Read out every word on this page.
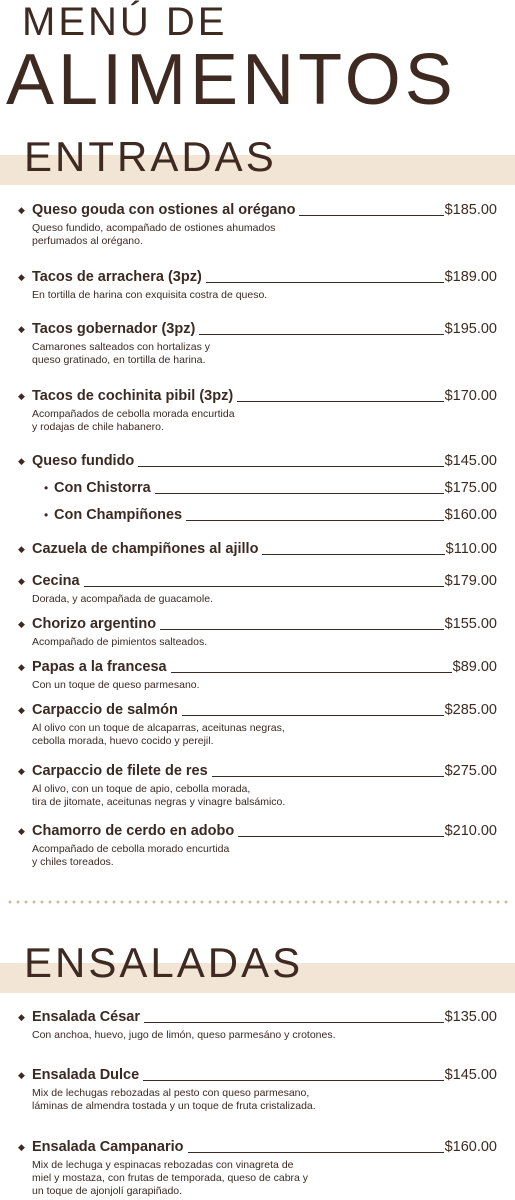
MENÚ DE
ALIMENTOS
ENTRADAS
◆ Queso gouda con ostiones al orégano	$185.00
Queso fundido, acompañado de ostiones ahumados
perfumados al orégano.
◆ Tacos de arrachera (3pz)	$189.00
En tortilla de harina con exquisita costra de queso.
◆ Tacos gobernador (3pz)	$195.00
Camarones salteados con hortalizas y
queso gratinado, en tortilla de harina.
◆ Tacos de cochinita pibil (3pz)	$170.00
Acompañados de cebolla morada encurtida
y rodajas de chile habanero.
◆ Queso fundido	$145.00
• Con Chistorra	$175.00
• Con Champiñones	$160.00
◆ Cazuela de champiñones al ajillo	$110.00
◆ Cecina	$179.00
Dorada, y acompañada de guacamole.
◆ Chorizo argentino	$155.00
Acompañado de pimientos salteados.
◆ Papas a la francesa	$89.00
Con un toque de queso parmesano.
◆ Carpaccio de salmón	$285.00
Al olivo con un toque de alcaparras, aceitunas negras,
cebolla morada, huevo cocido y perejil.
◆ Carpaccio de filete de res	$275.00
Al olivo, con un toque de apio, cebolla morada,
tira de jitomate, aceitunas negras y vinagre balsámico.
◆ Chamorro de cerdo en adobo	$210.00
Acompañado de cebolla morado encurtida
y chiles toreados.
ENSALADAS
◆ Ensalada César	$135.00
Con anchoa, huevo, jugo de limón, queso parmesáno y crotones.
◆ Ensalada Dulce	$145.00
Mix de lechugas rebozadas al pesto con queso parmesano,
láminas de almendra tostada y un toque de fruta cristalizada.
◆ Ensalada Campanario	$160.00
Mix de lechuga y espinacas rebozadas con vinagreta de
miel y mostaza, con frutas de temporada, queso de cabra y
un toque de ajonjolí garapiñado.
